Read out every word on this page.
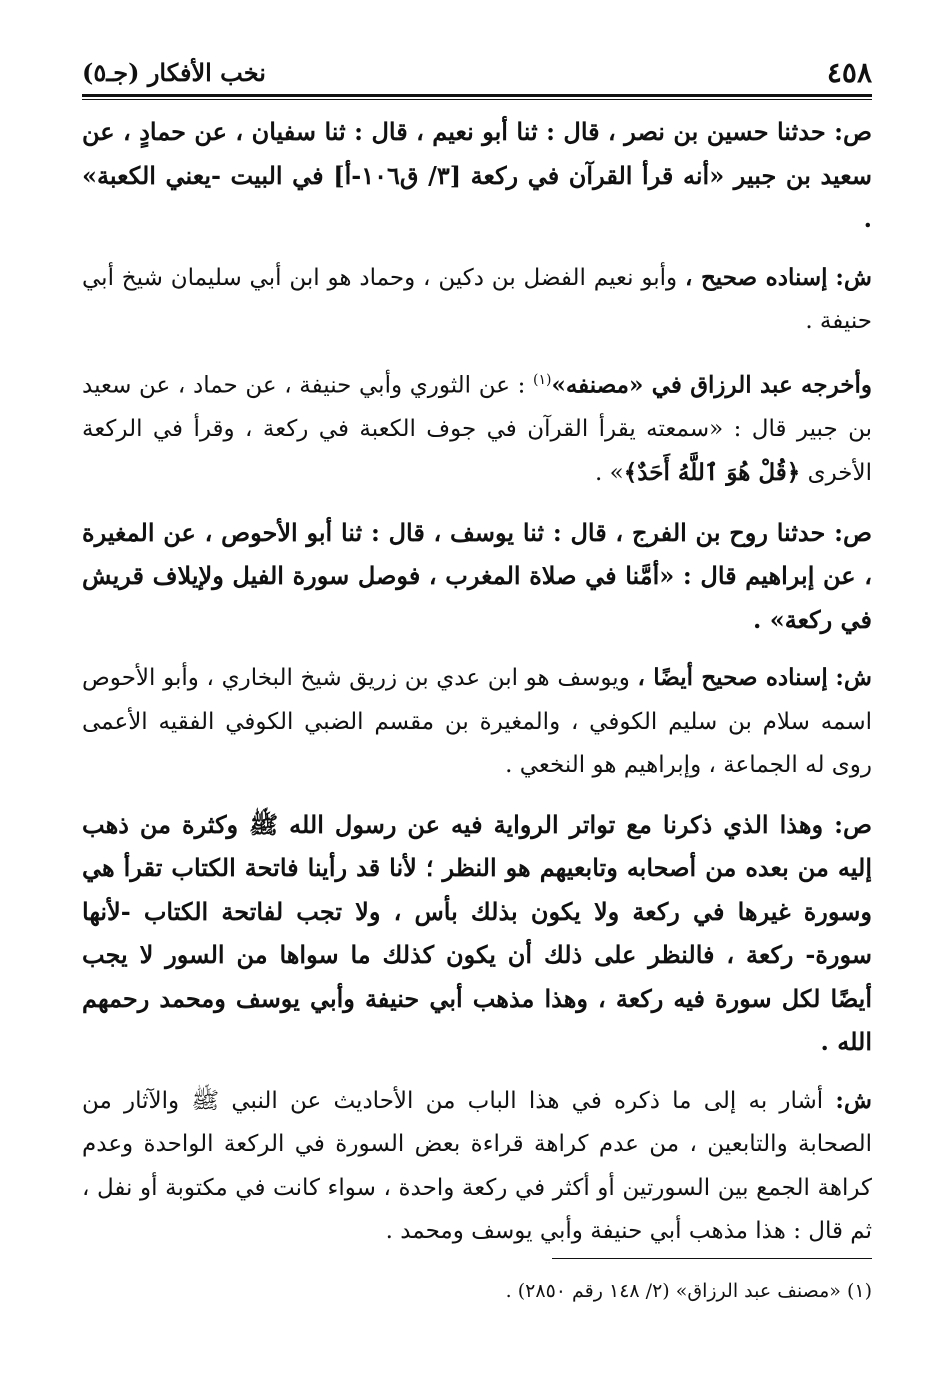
٤٥٨
نخب الأفكار (جـ٥)

ص: حدثنا حسين بن نصر ، قال : ثنا أبو نعيم ، قال : ثنا سفيان ، عن حمادٍ ، عن سعيد بن جبير «أنه قرأ القرآن في ركعة [٣/ ق١٠٦-أ] في البيت -يعني الكعبة» .

ش: إسناده صحيح ، وأبو نعيم الفضل بن دكين ، وحماد هو ابن أبي سليمان شيخ أبي حنيفة .

وأخرجه عبد الرزاق في «مصنفه»$^{(١)}$ : عن الثوري وأبي حنيفة ، عن حماد ، عن سعيد بن جبير قال : «سمعته يقرأ القرآن في جوف الكعبة في ركعة ، وقرأ في الركعة الأخرى ﴿قُلْ هُوَ ٱللَّهُ أَحَدٌ﴾» .

ص: حدثنا روح بن الفرج ، قال : ثنا يوسف ، قال : ثنا أبو الأحوص ، عن المغيرة ، عن إبراهيم قال : «أمَّنا في صلاة المغرب ، فوصل سورة الفيل ولإيلاف قريش في ركعة» .

ش: إسناده صحيح أيضًا ، ويوسف هو ابن عدي بن زريق شيخ البخاري ، وأبو الأحوص اسمه سلام بن سليم الكوفي ، والمغيرة بن مقسم الضبي الكوفي الفقيه الأعمى روى له الجماعة ، وإبراهيم هو النخعي .

ص: وهذا الذي ذكرنا مع تواتر الرواية فيه عن رسول الله ﷺ وكثرة من ذهب إليه من بعده من أصحابه وتابعيهم هو النظر ؛ لأنا قد رأينا فاتحة الكتاب تقرأ هي وسورة غيرها في ركعة ولا يكون بذلك بأس ، ولا تجب لفاتحة الكتاب -لأنها سورة- ركعة ، فالنظر على ذلك أن يكون كذلك ما سواها من السور لا يجب أيضًا لكل سورة فيه ركعة ، وهذا مذهب أبي حنيفة وأبي يوسف ومحمد رحمهم الله .

ش: أشار به إلى ما ذكره في هذا الباب من الأحاديث عن النبي ﷺ والآثار من الصحابة والتابعين ، من عدم كراهة قراءة بعض السورة في الركعة الواحدة وعدم كراهة الجمع بين السورتين أو أكثر في ركعة واحدة ، سواء كانت في مكتوبة أو نفل ، ثم قال : هذا مذهب أبي حنيفة وأبي يوسف ومحمد .

(١) «مصنف عبد الرزاق» (٢/ ١٤٨ رقم ٢٨٥٠) .
